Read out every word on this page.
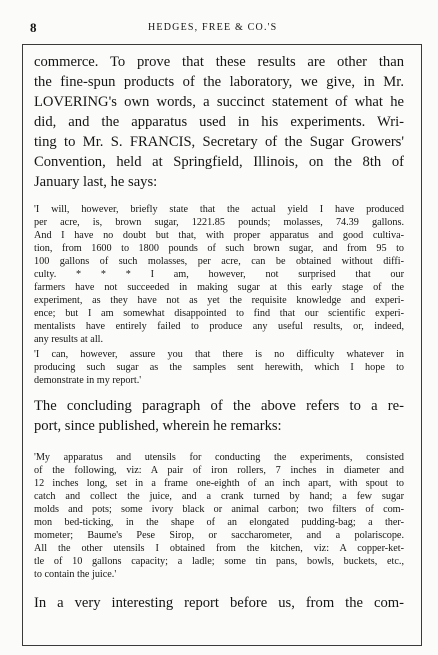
8	HEDGES, FREE & CO.'S
commerce. To prove that these results are other than
the fine-spun products of the laboratory, we give, in Mr.
LOVERING's own words, a succinct statement of what he
did, and the apparatus used in his experiments. Wri-
ting to Mr. S. FRANCIS, Secretary of the Sugar Growers'
Convention, held at Springfield, Illinois, on the 8th of
January last, he says:
'I will, however, briefly state that the actual yield I have produced
per acre, is, brown sugar, 1221.85 pounds; molasses, 74.39 gallons.
And I have no doubt but that, with proper apparatus and good cultiva-
tion, from 1600 to 1800 pounds of such brown sugar, and from 95 to
100 gallons of such molasses, per acre, can be obtained without diffi-
culty. * * * I am, however, not surprised that our
farmers have not succeeded in making sugar at this early stage of the
experiment, as they have not as yet the requisite knowledge and experi-
ence; but I am somewhat disappointed to find that our scientific experi-
mentalists have entirely failed to produce any useful results, or, indeed,
any results at all.
'I can, however, assure you that there is no difficulty whatever in
producing such sugar as the samples sent herewith, which I hope to
demonstrate in my report.'
The concluding paragraph of the above refers to a re-
port, since published, wherein he remarks:
'My apparatus and utensils for conducting the experiments, consisted
of the following, viz: A pair of iron rollers, 7 inches in diameter and
12 inches long, set in a frame one-eighth of an inch apart, with spout to
catch and collect the juice, and a crank turned by hand; a few sugar
molds and pots; some ivory black or animal carbon; two filters of com-
mon bed-ticking, in the shape of an elongated pudding-bag; a ther-
mometer; Baume's Pese Sirop, or saccharometer, and a polariscope.
All the other utensils I obtained from the kitchen, viz: A copper-ket-
tle of 10 gallons capacity; a ladle; some tin pans, bowls, buckets, etc.,
to contain the juice.'
In a very interesting report before us, from the com-
